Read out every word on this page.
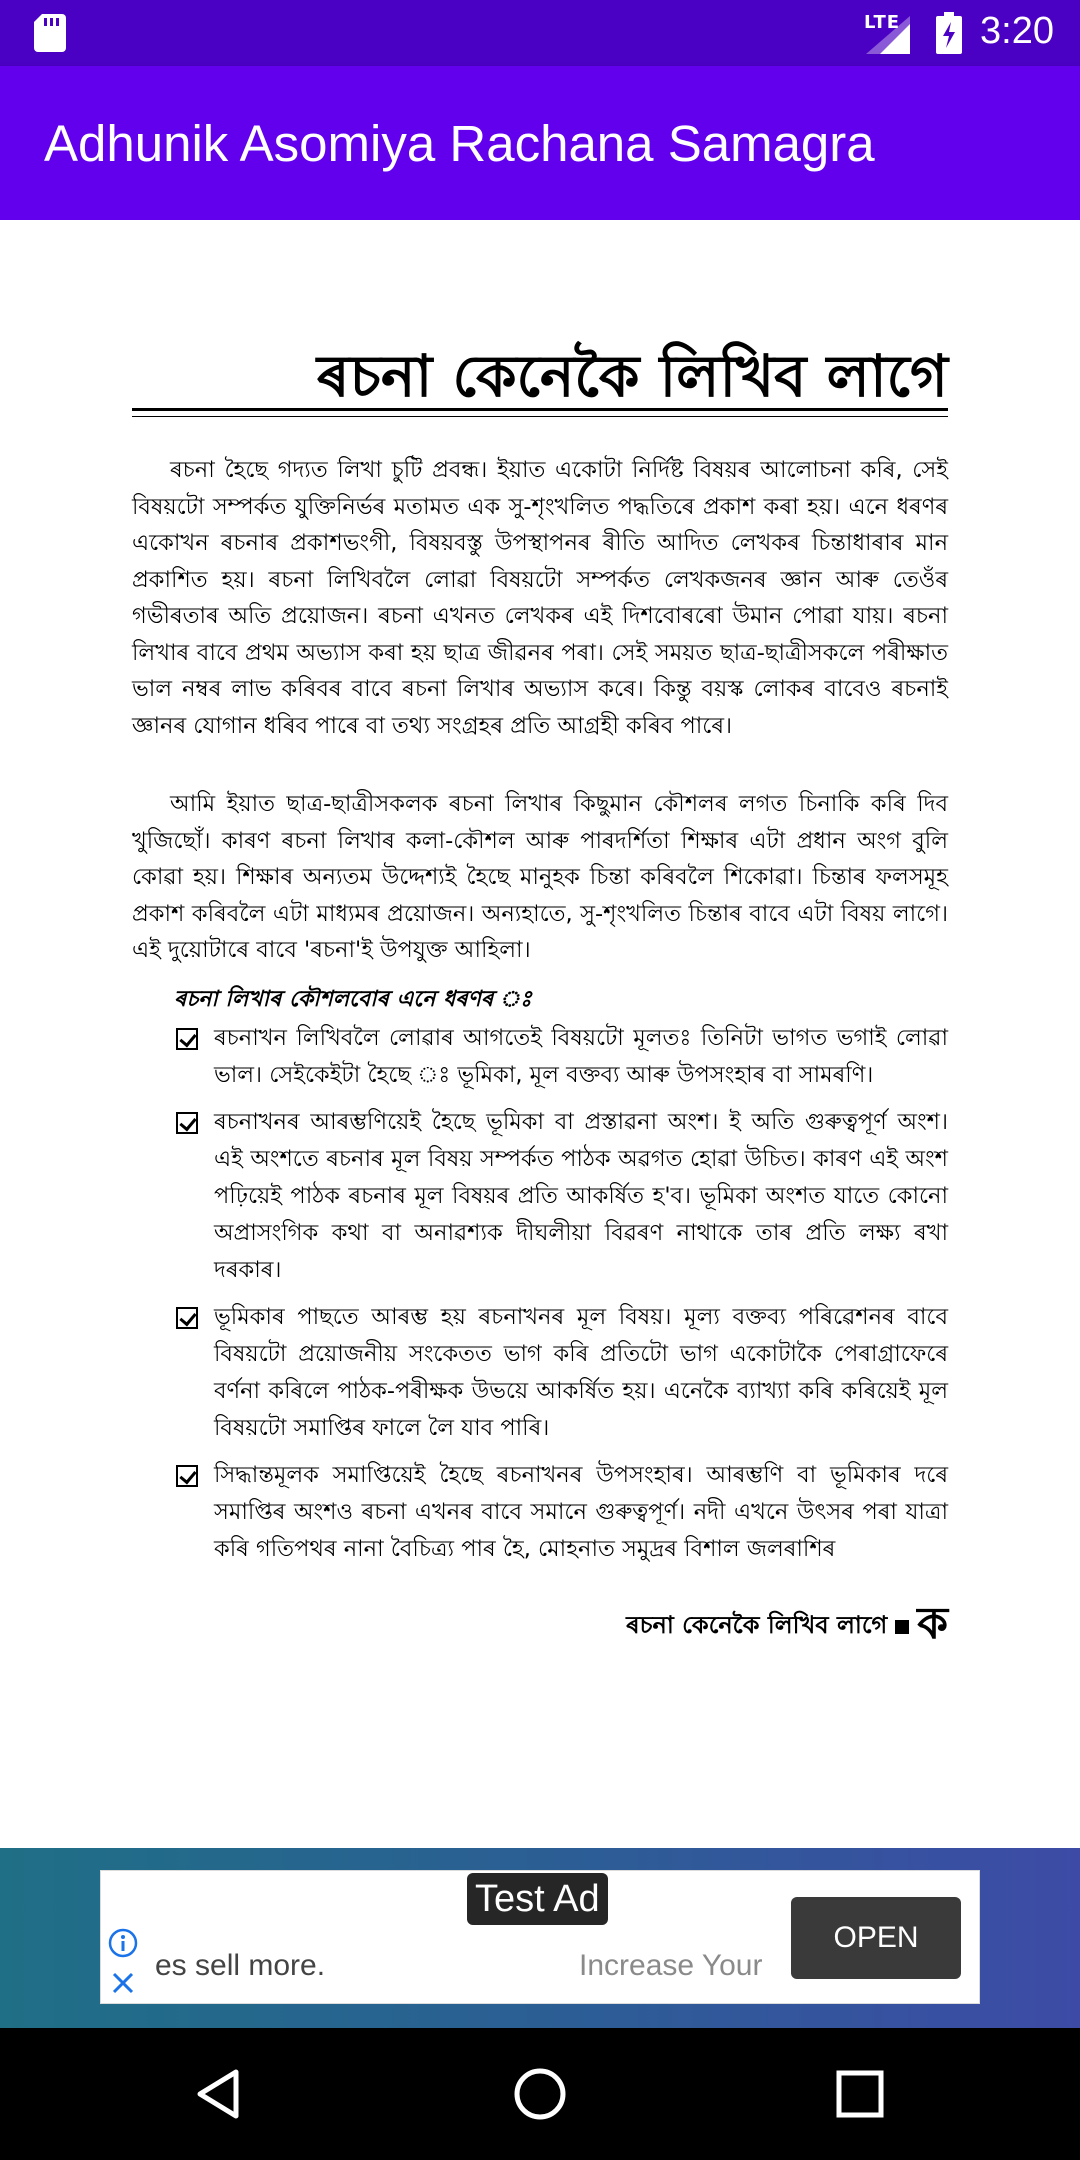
LTE 3:20
Adhunik Asomiya Rachana Samagra
ৰচনা কেনেকৈ লিখিব লাগে

ৰচনা হৈছে গদ্যত লিখা চুটি প্ৰবন্ধ। ইয়াত একোটা নিৰ্দিষ্ট বিষয়ৰ আলোচনা কৰি, সেই বিষয়টো সম্পৰ্কত যুক্তিনিৰ্ভৰ মতামত এক সু-শৃংখলিত পদ্ধতিৰে প্ৰকাশ কৰা হয়। এনে ধৰণৰ একোখন ৰচনাৰ প্ৰকাশভংগী, বিষয়বস্তু উপস্থাপনৰ ৰীতি আদিত লেখকৰ চিন্তাধাৰাৰ মান প্ৰকাশিত হয়। ৰচনা লিখিবলৈ লোৱা বিষয়টো সম্পৰ্কত লেখকজনৰ জ্ঞান আৰু তেওঁৰ গভীৰতাৰ অতি প্ৰয়োজন। ৰচনা এখনত লেখকৰ এই দিশবোৰৰো উমান পোৱা যায়। ৰচনা লিখাৰ বাবে প্ৰথম অভ্যাস কৰা হয় ছাত্ৰ জীৱনৰ পৰা। সেই সময়ত ছাত্ৰ-ছাত্ৰীসকলে পৰীক্ষাত ভাল নম্বৰ লাভ কৰিবৰ বাবে ৰচনা লিখাৰ অভ্যাস কৰে। কিন্তু বয়স্ক লোকৰ বাবেও ৰচনাই জ্ঞানৰ যোগান ধৰিব পাৰে বা তথ্য সংগ্ৰহৰ প্ৰতি আগ্ৰহী কৰিব পাৰে।

আমি ইয়াত ছাত্ৰ-ছাত্ৰীসকলক ৰচনা লিখাৰ কিছুমান কৌশলৰ লগত চিনাকি কৰি দিব খুজিছোঁ। কাৰণ ৰচনা লিখাৰ কলা-কৌশল আৰু পাৰদৰ্শিতা শিক্ষাৰ এটা প্ৰধান অংগ বুলি কোৱা হয়। শিক্ষাৰ অন্যতম উদ্দেশ্যই হৈছে মানুহক চিন্তা কৰিবলৈ শিকোৱা। চিন্তাৰ ফলসমূহ প্ৰকাশ কৰিবলৈ এটা মাধ্যমৰ প্ৰয়োজন। অন্যহাতে, সু-শৃংখলিত চিন্তাৰ বাবে এটা বিষয় লাগে। এই দুয়োটাৰে বাবে 'ৰচনা'ই উপযুক্ত আহিলা।

ৰচনা লিখাৰ কৌশলবোৰ এনে ধৰণৰ ঃ
ৰচনাখন লিখিবলৈ লোৱাৰ আগতেই বিষয়টো মূলতঃ তিনিটা ভাগত ভগাই লোৱা ভাল। সেইকেইটা হৈছে ঃ ভূমিকা, মূল বক্তব্য আৰু উপসংহাৰ বা সামৰণি।
ৰচনাখনৰ আৰম্ভণিয়েই হৈছে ভূমিকা বা প্ৰস্তাৱনা অংশ। ই অতি গুৰুত্বপূৰ্ণ অংশ। এই অংশতে ৰচনাৰ মূল বিষয় সম্পৰ্কত পাঠক অৱগত হোৱা উচিত। কাৰণ এই অংশ পঢ়িয়েই পাঠক ৰচনাৰ মূল বিষয়ৰ প্ৰতি আকৰ্ষিত হ'ব। ভূমিকা অংশত যাতে কোনো অপ্ৰাসংগিক কথা বা অনাৱশ্যক দীঘলীয়া বিৱৰণ নাথাকে তাৰ প্ৰতি লক্ষ্য ৰখা দৰকাৰ।
ভূমিকাৰ পাছতে আৰম্ভ হয় ৰচনাখনৰ মূল বিষয়। মূল্য বক্তব্য পৰিৱেশনৰ বাবে বিষয়টো প্ৰয়োজনীয় সংকেতত ভাগ কৰি প্ৰতিটো ভাগ একোটাকৈ পেৰাগ্ৰাফেৰে বৰ্ণনা কৰিলে পাঠক-পৰীক্ষক উভয়ে আকৰ্ষিত হয়। এনেকৈ ব্যাখ্যা কৰি কৰিয়েই মূল বিষয়টো সমাপ্তিৰ ফালে লৈ যাব পাৰি।
সিদ্ধান্তমূলক সমাপ্তিয়েই হৈছে ৰচনাখনৰ উপসংহাৰ। আৰম্ভণি বা ভূমিকাৰ দৰে সমাপ্তিৰ অংশও ৰচনা এখনৰ বাবে সমানে গুৰুত্বপূৰ্ণ। নদী এখনে উৎসৰ পৰা যাত্ৰা কৰি গতিপথৰ নানা বৈচিত্ৰ্য পাৰ হৈ, মোহনাত সমুদ্ৰৰ বিশাল জলৰাশিৰ
ৰচনা কেনেকৈ লিখিব লাগে ক
Test Ad
es sell more.	Increase Your
OPEN
